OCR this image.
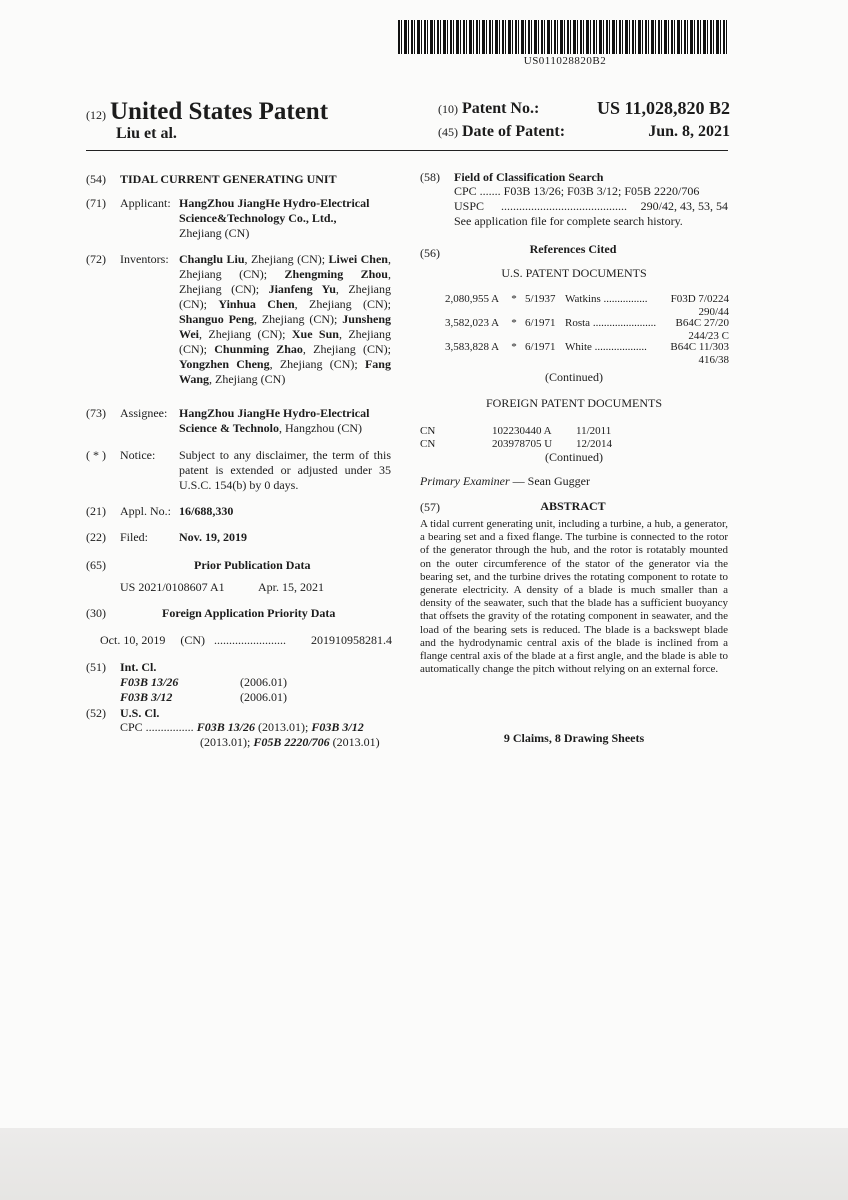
US011028820B2
(12) United States Patent
Liu et al.
(10) Patent No.:	US 11,028,820 B2
(45) Date of Patent:	Jun. 8, 2021
(54) TIDAL CURRENT GENERATING UNIT
(71) Applicant: HangZhou JiangHe Hydro-Electrical Science&Technology Co., Ltd.,
Zhejiang (CN)
(72) Inventors: Changlu Liu, Zhejiang (CN); Liwei Chen, Zhejiang (CN); Zhengming Zhou, Zhejiang (CN); Jianfeng Yu, Zhejiang (CN); Yinhua Chen, Zhejiang (CN); Shanguo Peng, Zhejiang (CN); Junsheng Wei, Zhejiang (CN); Xue Sun, Zhejiang (CN); Chunming Zhao, Zhejiang (CN); Yongzhen Cheng, Zhejiang (CN); Fang Wang, Zhejiang (CN)
(73) Assignee: HangZhou JiangHe Hydro-Electrical Science & Technolo, Hangzhou (CN)
( * ) Notice: Subject to any disclaimer, the term of this patent is extended or adjusted under 35 U.S.C. 154(b) by 0 days.
(21) Appl. No.: 16/688,330
(22) Filed:	Nov. 19, 2019
(65)	Prior Publication Data
US 2021/0108607 A1	Apr. 15, 2021
(30)	Foreign Application Priority Data
Oct. 10, 2019 (CN) ........................ 201910958281.4
(51) Int. Cl.
F03B 13/26	(2006.01)
F03B 3/12	(2006.01)
(52) U.S. Cl.
CPC ................ F03B 13/26 (2013.01); F03B 3/12
(2013.01); F05B 2220/706 (2013.01)
(58) Field of Classification Search
CPC ....... F03B 13/26; F03B 3/12; F05B 2220/706
USPC .......................................... 290/42, 43, 53, 54
See application file for complete search history.
(56)	References Cited
U.S. PATENT DOCUMENTS
2,080,955 A * 5/1937 Watkins ................ F03D 7/0224
290/44
3,582,023 A * 6/1971 Rosta ....................... B64C 27/20
244/23 C
3,583,828 A * 6/1971 White ................... B64C 11/303
416/38
(Continued)
FOREIGN PATENT DOCUMENTS
CN	102230440 A 11/2011
CN	203978705 U 12/2014
(Continued)
Primary Examiner — Sean Gugger
(57)	ABSTRACT
A tidal current generating unit, including a turbine, a hub, a generator, a bearing set and a fixed flange. The turbine is connected to the rotor of the generator through the hub, and the rotor is rotatably mounted on the outer circumference of the stator of the generator via the bearing set, and the turbine drives the rotating component to rotate to generate electricity. A density of a blade is much smaller than a density of the seawater, such that the blade has a sufficient buoyancy that offsets the gravity of the rotating component in seawater, and the load of the bearing sets is reduced. The blade is a backswept blade and the hydrodynamic central axis of the blade is inclined from a flange central axis of the blade at a first angle, and the blade is able to automatically change the pitch without relying on an external force.
9 Claims, 8 Drawing Sheets
